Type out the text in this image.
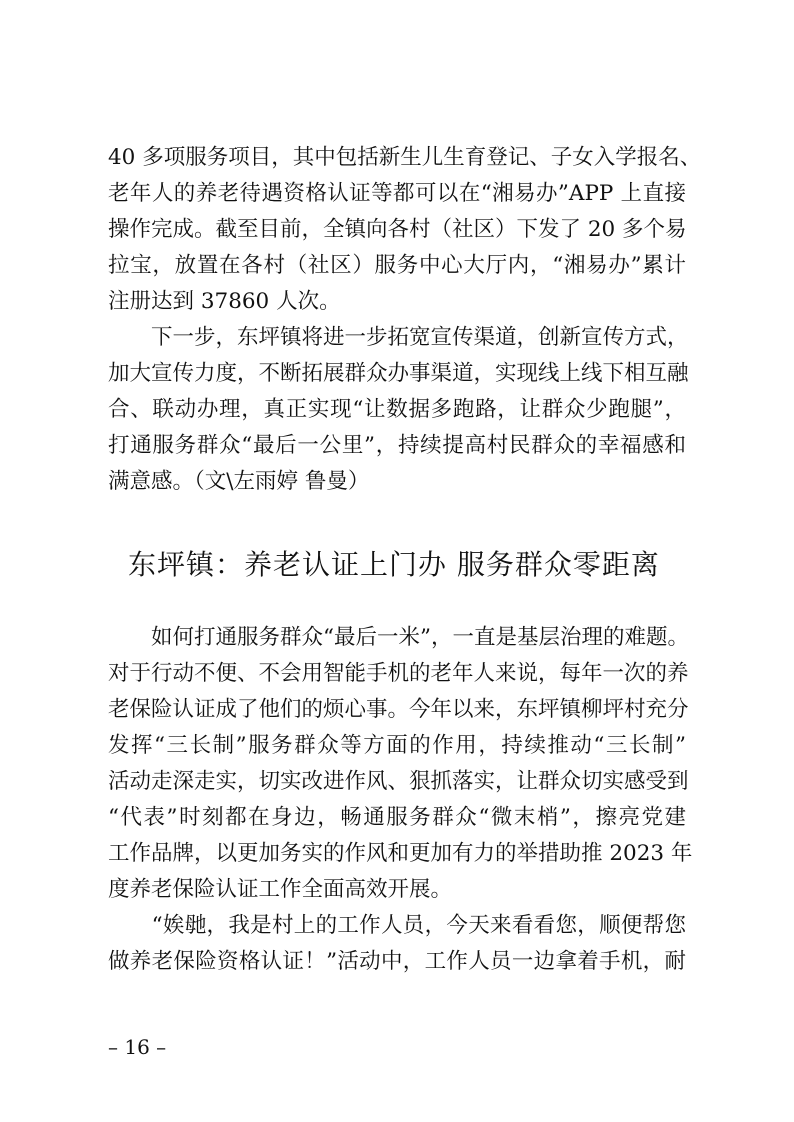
40 多项服务项目，其中包括新生儿生育登记、子女入学报名、
老年人的养老待遇资格认证等都可以在“湘易办”APP 上直接
操作完成。截至目前，全镇向各村（社区）下发了 20 多个易
拉宝，放置在各村（社区）服务中心大厅内，“湘易办”累计
注册达到 37860 人次。
　　下一步，东坪镇将进一步拓宽宣传渠道，创新宣传方式，
加大宣传力度，不断拓展群众办事渠道，实现线上线下相互融
合、联动办理，真正实现“让数据多跑路，让群众少跑腿”，
打通服务群众“最后一公里”，持续提高村民群众的幸福感和
满意感。（文\左雨婷 鲁曼）
东坪镇：养老认证上门办 服务群众零距离
　　如何打通服务群众“最后一米”，一直是基层治理的难题。
对于行动不便、不会用智能手机的老年人来说，每年一次的养
老保险认证成了他们的烦心事。今年以来，东坪镇柳坪村充分
发挥“三长制”服务群众等方面的作用，持续推动“三长制”
活动走深走实，切实改进作风、狠抓落实，让群众切实感受到
“代表”时刻都在身边，畅通服务群众“微末梢”，擦亮党建
工作品牌，以更加务实的作风和更加有力的举措助推 2023 年
度养老保险认证工作全面高效开展。
　　“娭毑，我是村上的工作人员，今天来看看您，顺便帮您
做养老保险资格认证！”活动中，工作人员一边拿着手机，耐
– 16 –
